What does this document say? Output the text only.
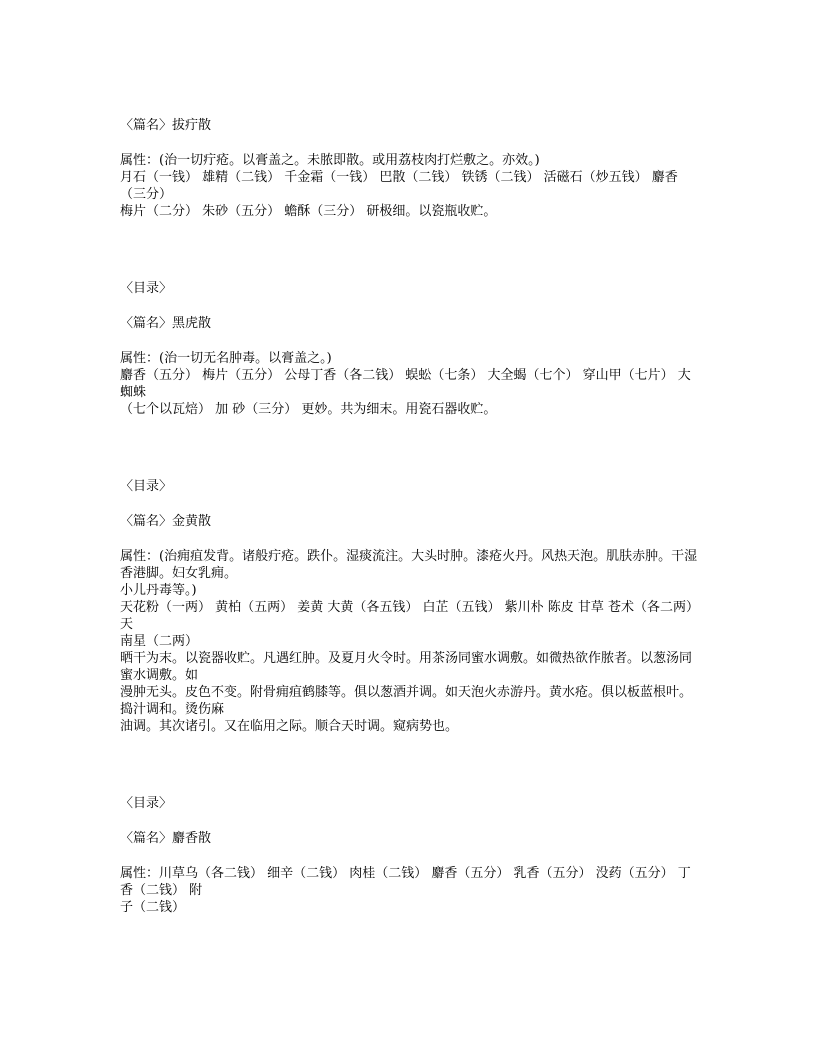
〈篇名〉拔疔散

属性：(治一切疔疮。以膏盖之。未脓即散。或用荔枝肉打烂敷之。亦效。)

月石（一钱） 雄精（二钱） 千金霜（一钱） 巴散（二钱） 铁锈（二钱） 活磁石（炒五钱） 麝香（三分）

梅片（二分） 朱砂（五分） 蟾酥（三分） 研极细。以瓷瓶收贮。

〈目录〉

〈篇名〉黑虎散

属性：(治一切无名肿毒。以膏盖之。)

麝香（五分） 梅片（五分） 公母丁香（各二钱） 蜈蚣（七条） 大全蝎（七个） 穿山甲（七片） 大蜘蛛

（七个以瓦焙） 加 砂（三分） 更妙。共为细末。用瓷石器收贮。

〈目录〉

〈篇名〉金黄散

属性：(治痈疽发背。诸般疔疮。跌仆。湿痰流注。大头时肿。漆疮火丹。风热天泡。肌肤赤肿。干湿香港脚。妇女乳痈。

小儿丹毒等。)

天花粉（一两） 黄柏（五两） 姜黄 大黄（各五钱） 白芷（五钱） 紫川朴 陈皮 甘草 苍术（各二两） 天

南星（二两）

晒干为末。以瓷器收贮。凡遇红肿。及夏月火令时。用茶汤同蜜水调敷。如微热欲作脓者。以葱汤同蜜水调敷。如

漫肿无头。皮色不变。附骨痈疽鹤膝等。俱以葱酒并调。如天泡火赤游丹。黄水疮。俱以板蓝根叶。捣汁调和。烫伤麻

油调。其次诸引。又在临用之际。顺合天时调。窥病势也。

〈目录〉

〈篇名〉麝香散

属性：川草乌（各二钱） 细辛（二钱） 肉桂（二钱） 麝香（五分） 乳香（五分） 没药（五分） 丁香（二钱） 附

子（二钱）
